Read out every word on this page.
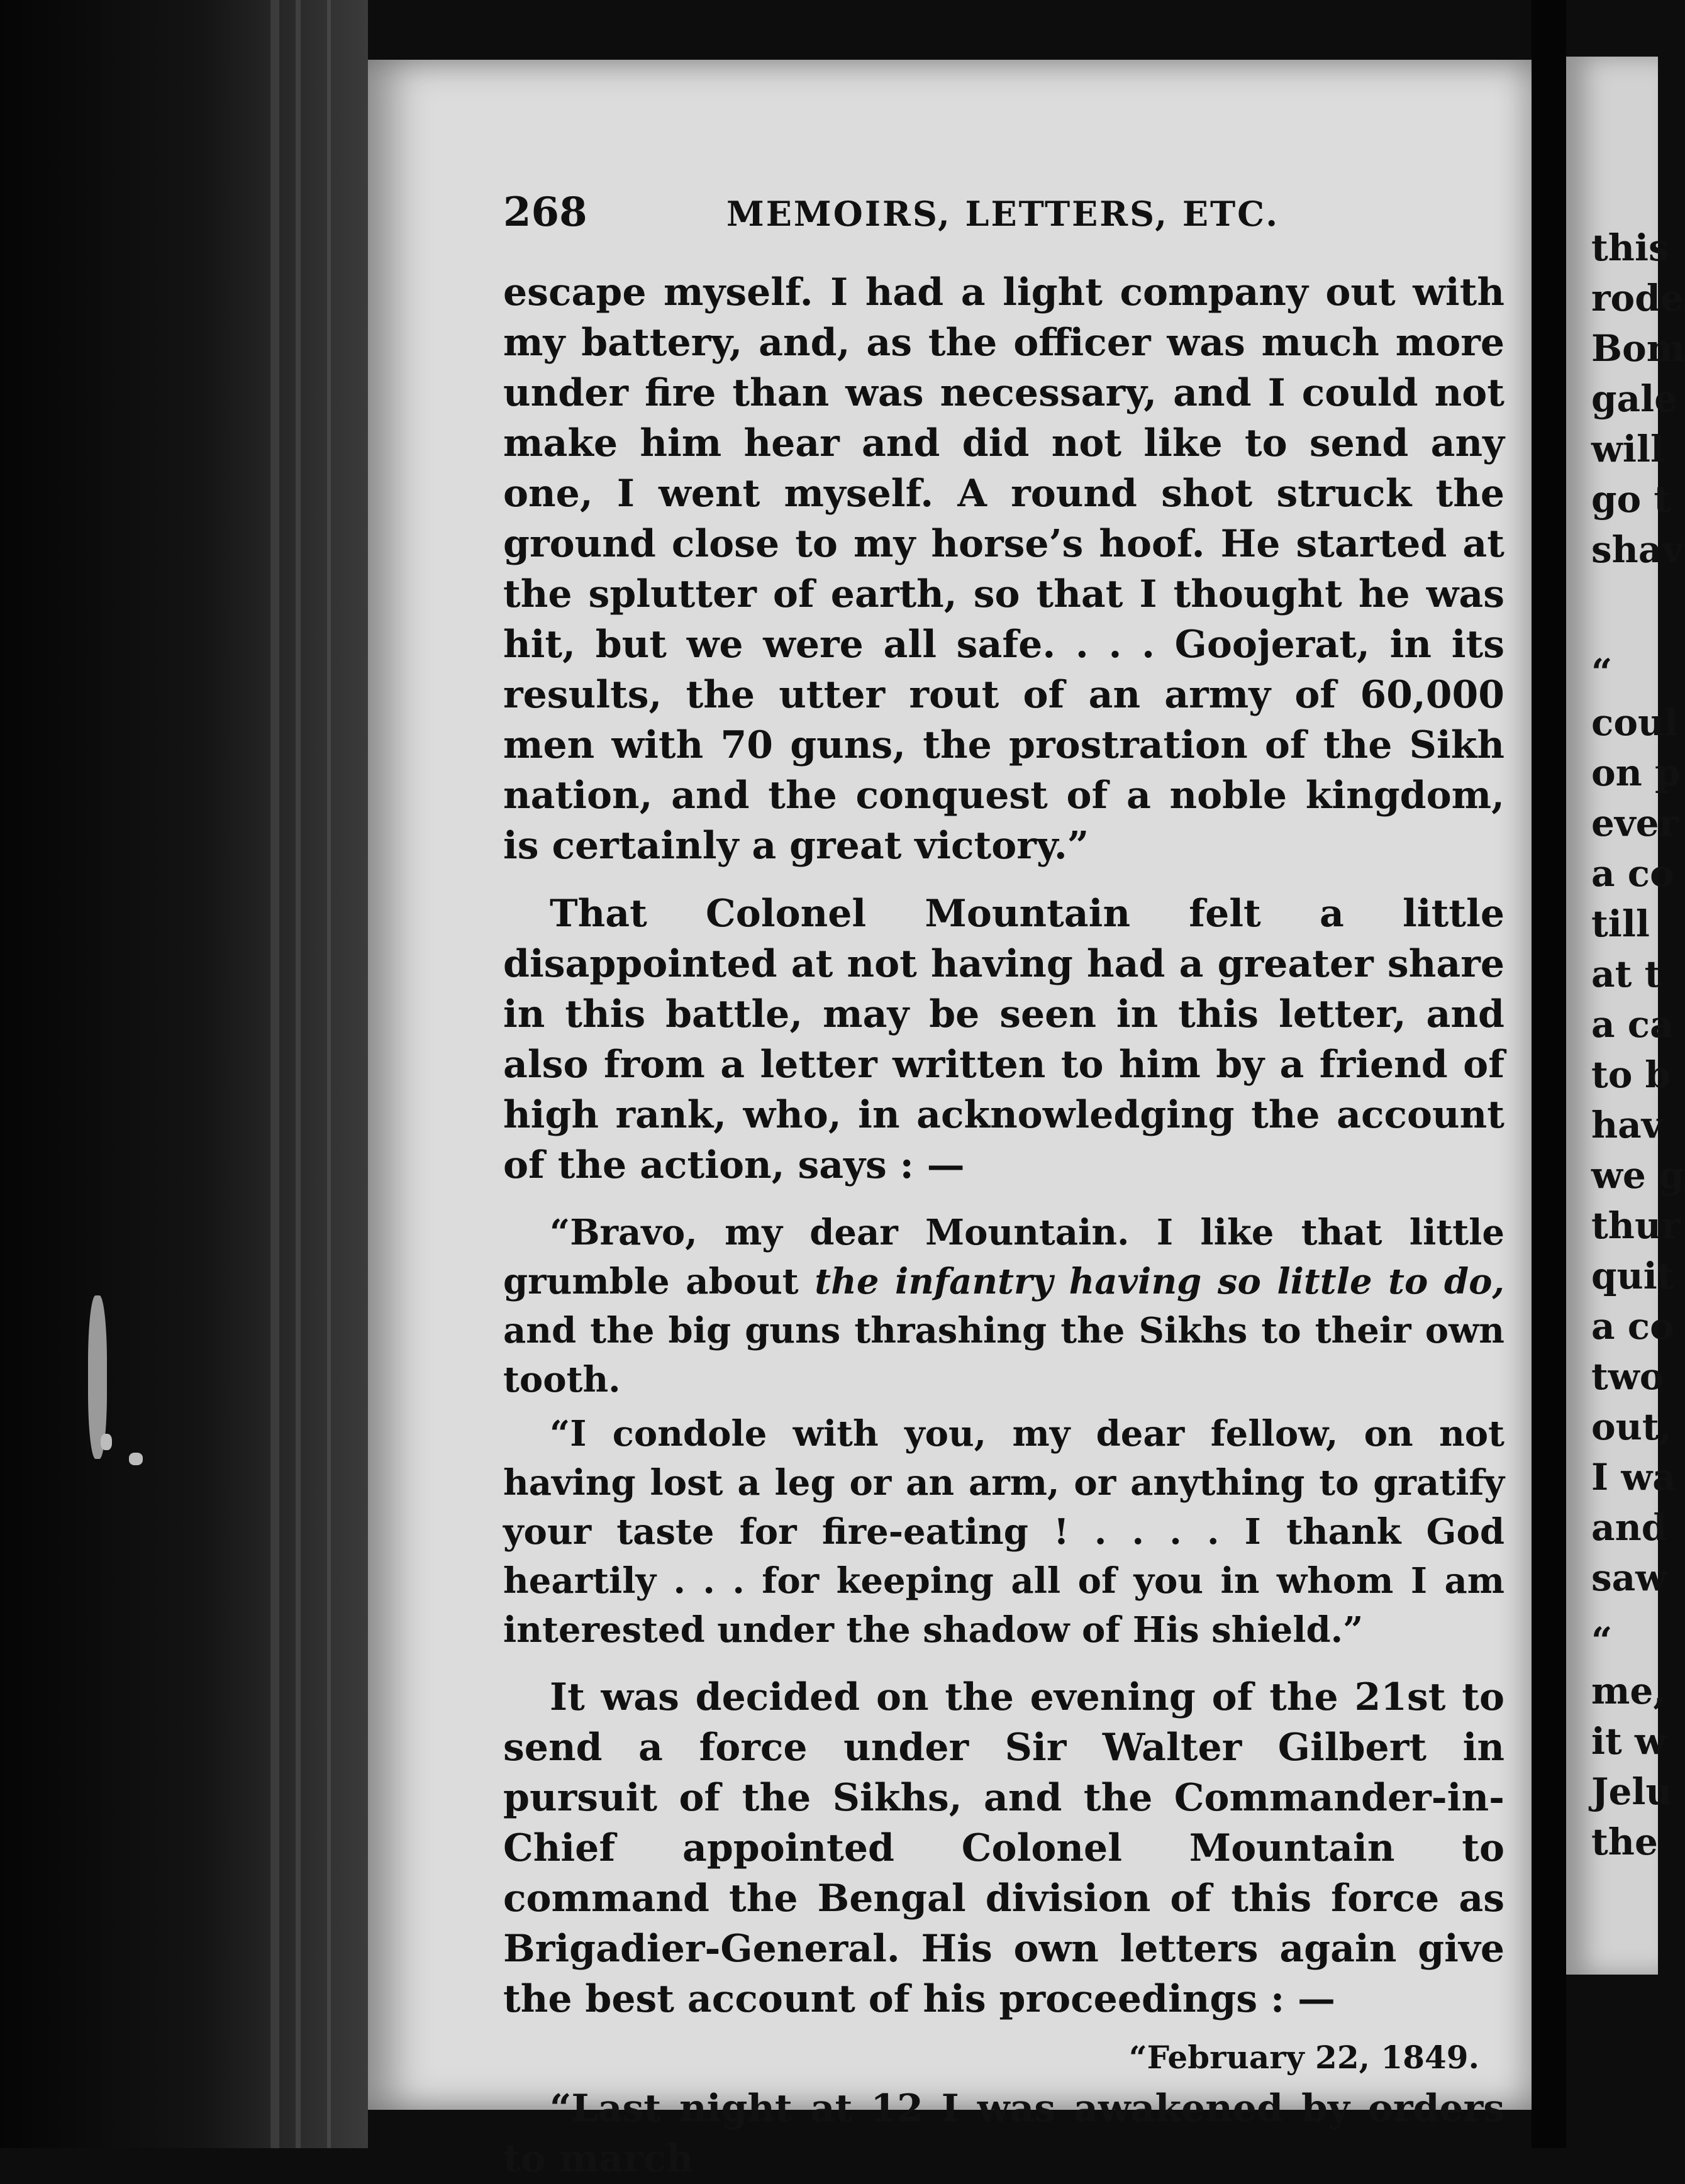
268	MEMOIRS, LETTERS, ETC.

escape myself. I had a light company out with my battery, and, as the officer was much more under fire than was necessary, and I could not make him hear and did not like to send any one, I went myself. A round shot struck the ground close to my horse’s hoof. He started at the splutter of earth, so that I thought he was hit, but we were all safe. . . . Goojerat, in its results, the utter rout of an army of 60,000 men with 70 guns, the prostration of the Sikh nation, and the conquest of a noble kingdom, is certainly a great victory.”

That Colonel Mountain felt a little disappointed at not having had a greater share in this battle, may be seen in this letter, and also from a letter written to him by a friend of high rank, who, in acknowledging the account of the action, says : —

“Bravo, my dear Mountain. I like that little grumble about the infantry having so little to do, and the big guns thrashing the Sikhs to their own tooth.

“I condole with you, my dear fellow, on not having lost a leg or an arm, or anything to gratify your taste for fire-eating ! . . . . I thank God heartily . . . for keeping all of you in whom I am interested under the shadow of His shield.”

It was decided on the evening of the 21st to send a force under Sir Walter Gilbert in pursuit of the Sikhs, and the Commander-in-Chief appointed Colonel Mountain to command the Bengal division of this force as Brigadier-General. His own letters again give the best account of his proceedings : —

“February 22, 1849.

“Last night at 12 I was awakened by orders to march

this
rode
Bom
gale
will
go t
shav
“
coul
on p
ever
a co
till
at t
a ca
to b
hav
we g
thur
quit
a co
two
out,
I wa
and
saw
“
me,
it w
Jelu
the
